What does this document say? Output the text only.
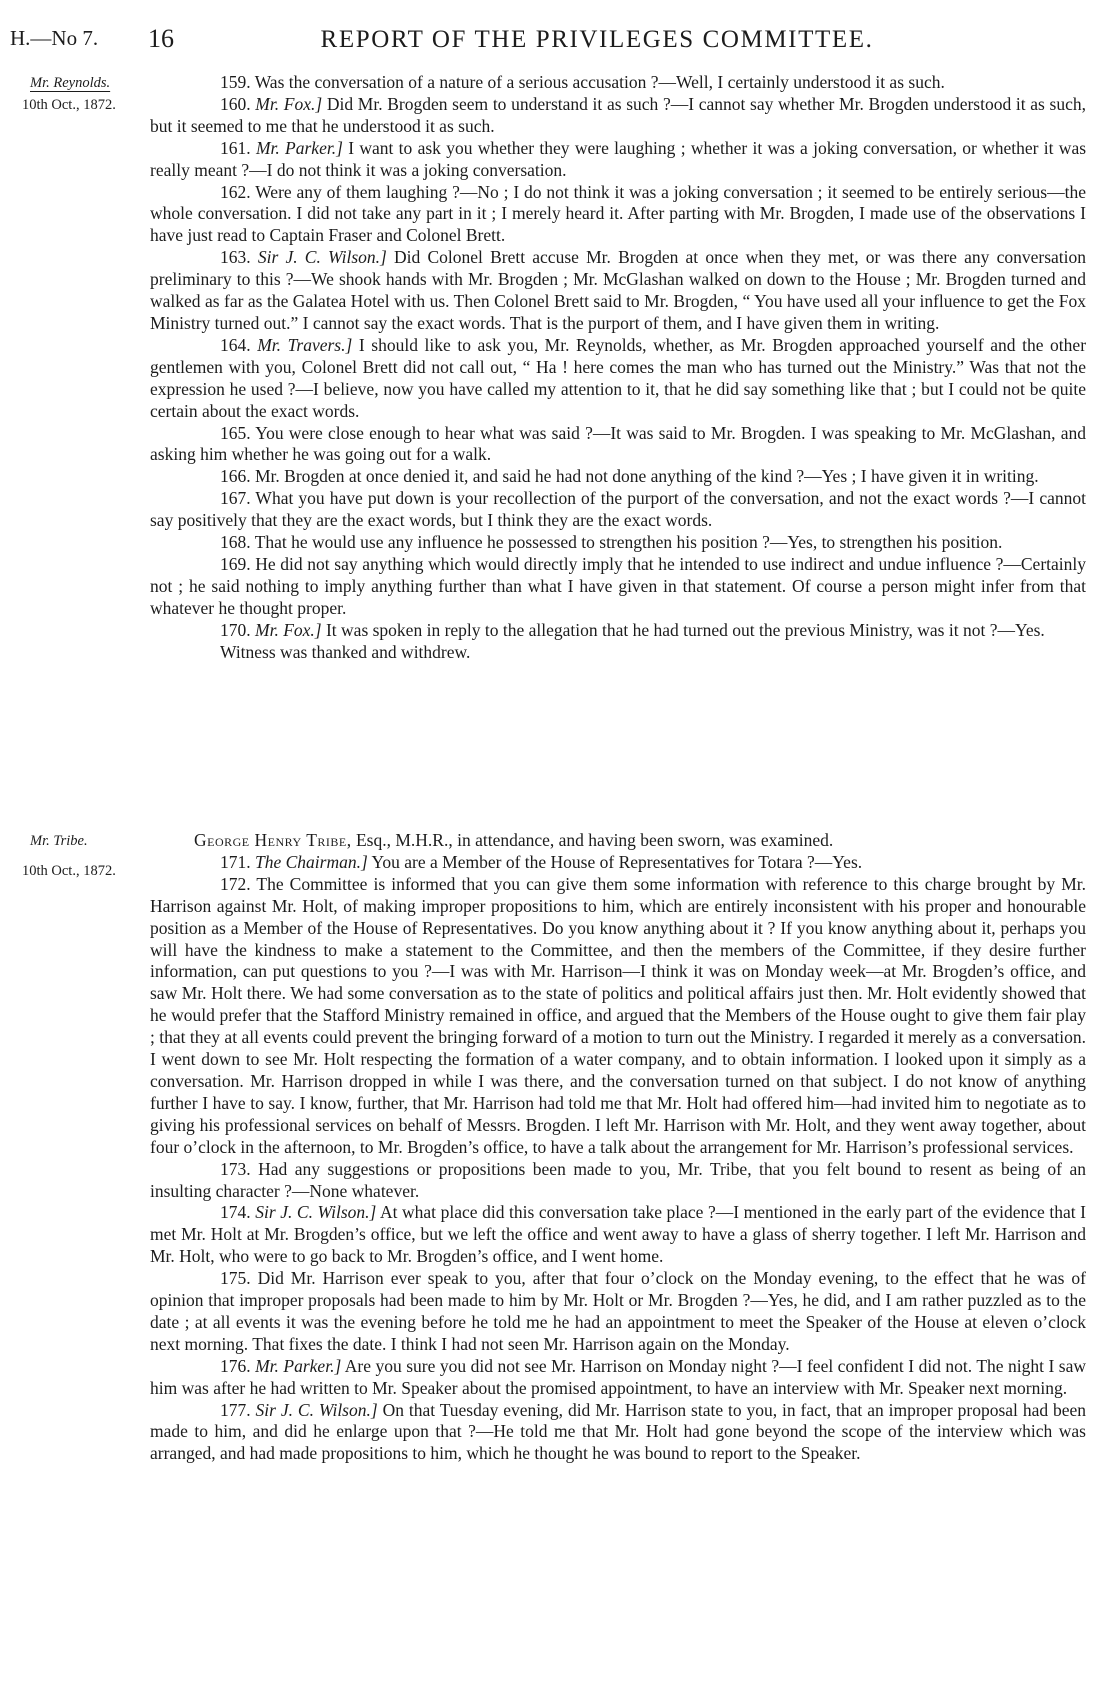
H.—No 7. 16	REPORT OF THE PRIVILEGES COMMITTEE.
Mr. Reynolds.
10th Oct., 1872.

159. Was the conversation of a nature of a serious accusation ?—Well, I certainly understood it as such.

160. Mr. Fox.] Did Mr. Brogden seem to understand it as such ?—I cannot say whether Mr. Brogden understood it as such, but it seemed to me that he understood it as such.

161. Mr. Parker.] I want to ask you whether they were laughing ; whether it was a joking conversation, or whether it was really meant ?—I do not think it was a joking conversation.

162. Were any of them laughing ?—No ; I do not think it was a joking conversation ; it seemed to be entirely serious—the whole conversation. I did not take any part in it ; I merely heard it. After parting with Mr. Brogden, I made use of the observations I have just read to Captain Fraser and Colonel Brett.

163. Sir J. C. Wilson.] Did Colonel Brett accuse Mr. Brogden at once when they met, or was there any conversation preliminary to this ?—We shook hands with Mr. Brogden ; Mr. McGlashan walked on down to the House ; Mr. Brogden turned and walked as far as the Galatea Hotel with us. Then Colonel Brett said to Mr. Brogden, “ You have used all your influence to get the Fox Ministry turned out.” I cannot say the exact words. That is the purport of them, and I have given them in writing.

164. Mr. Travers.] I should like to ask you, Mr. Reynolds, whether, as Mr. Brogden approached yourself and the other gentlemen with you, Colonel Brett did not call out, “ Ha ! here comes the man who has turned out the Ministry.” Was that not the expression he used ?—I believe, now you have called my attention to it, that he did say something like that ; but I could not be quite certain about the exact words.

165. You were close enough to hear what was said ?—It was said to Mr. Brogden. I was speaking to Mr. McGlashan, and asking him whether he was going out for a walk.

166. Mr. Brogden at once denied it, and said he had not done anything of the kind ?—Yes ; I have given it in writing.

167. What you have put down is your recollection of the purport of the conversation, and not the exact words ?—I cannot say positively that they are the exact words, but I think they are the exact words.

168. That he would use any influence he possessed to strengthen his position ?—Yes, to strengthen his position.

169. He did not say anything which would directly imply that he intended to use indirect and undue influence ?—Certainly not ; he said nothing to imply anything further than what I have given in that statement. Of course a person might infer from that whatever he thought proper.

170. Mr. Fox.] It was spoken in reply to the allegation that he had turned out the previous Ministry, was it not ?—Yes.

Witness was thanked and withdrew.

Mr. Tribe.
10th Oct., 1872.

George Henry Tribe, Esq., M.H.R., in attendance, and having been sworn, was examined.

171. The Chairman.] You are a Member of the House of Representatives for Totara ?—Yes.

172. The Committee is informed that you can give them some information with reference to this charge brought by Mr. Harrison against Mr. Holt, of making improper propositions to him, which are entirely inconsistent with his proper and honourable position as a Member of the House of Representatives. Do you know anything about it ? If you know anything about it, perhaps you will have the kindness to make a statement to the Committee, and then the members of the Committee, if they desire further information, can put questions to you ?—I was with Mr. Harrison—I think it was on Monday week—at Mr. Brogden’s office, and saw Mr. Holt there. We had some conversation as to the state of politics and political affairs just then. Mr. Holt evidently showed that he would prefer that the Stafford Ministry remained in office, and argued that the Members of the House ought to give them fair play ; that they at all events could prevent the bringing forward of a motion to turn out the Ministry. I regarded it merely as a conversation. I went down to see Mr. Holt respecting the formation of a water company, and to obtain information. I looked upon it simply as a conversation. Mr. Harrison dropped in while I was there, and the conversation turned on that subject. I do not know of anything further I have to say. I know, further, that Mr. Harrison had told me that Mr. Holt had offered him—had invited him to negotiate as to giving his professional services on behalf of Messrs. Brogden. I left Mr. Harrison with Mr. Holt, and they went away together, about four o’clock in the afternoon, to Mr. Brogden’s office, to have a talk about the arrangement for Mr. Harrison’s professional services.

173. Had any suggestions or propositions been made to you, Mr. Tribe, that you felt bound to resent as being of an insulting character ?—None whatever.

174. Sir J. C. Wilson.] At what place did this conversation take place ?—I mentioned in the early part of the evidence that I met Mr. Holt at Mr. Brogden’s office, but we left the office and went away to have a glass of sherry together. I left Mr. Harrison and Mr. Holt, who were to go back to Mr. Brogden’s office, and I went home.

175. Did Mr. Harrison ever speak to you, after that four o’clock on the Monday evening, to the effect that he was of opinion that improper proposals had been made to him by Mr. Holt or Mr. Brogden ?—Yes, he did, and I am rather puzzled as to the date ; at all events it was the evening before he told me he had an appointment to meet the Speaker of the House at eleven o’clock next morning. That fixes the date. I think I had not seen Mr. Harrison again on the Monday.

176. Mr. Parker.] Are you sure you did not see Mr. Harrison on Monday night ?—I feel confident I did not. The night I saw him was after he had written to Mr. Speaker about the promised appointment, to have an interview with Mr. Speaker next morning.

177. Sir J. C. Wilson.] On that Tuesday evening, did Mr. Harrison state to you, in fact, that an improper proposal had been made to him, and did he enlarge upon that ?—He told me that Mr. Holt had gone beyond the scope of the interview which was arranged, and had made propositions to him, which he thought he was bound to report to the Speaker.
